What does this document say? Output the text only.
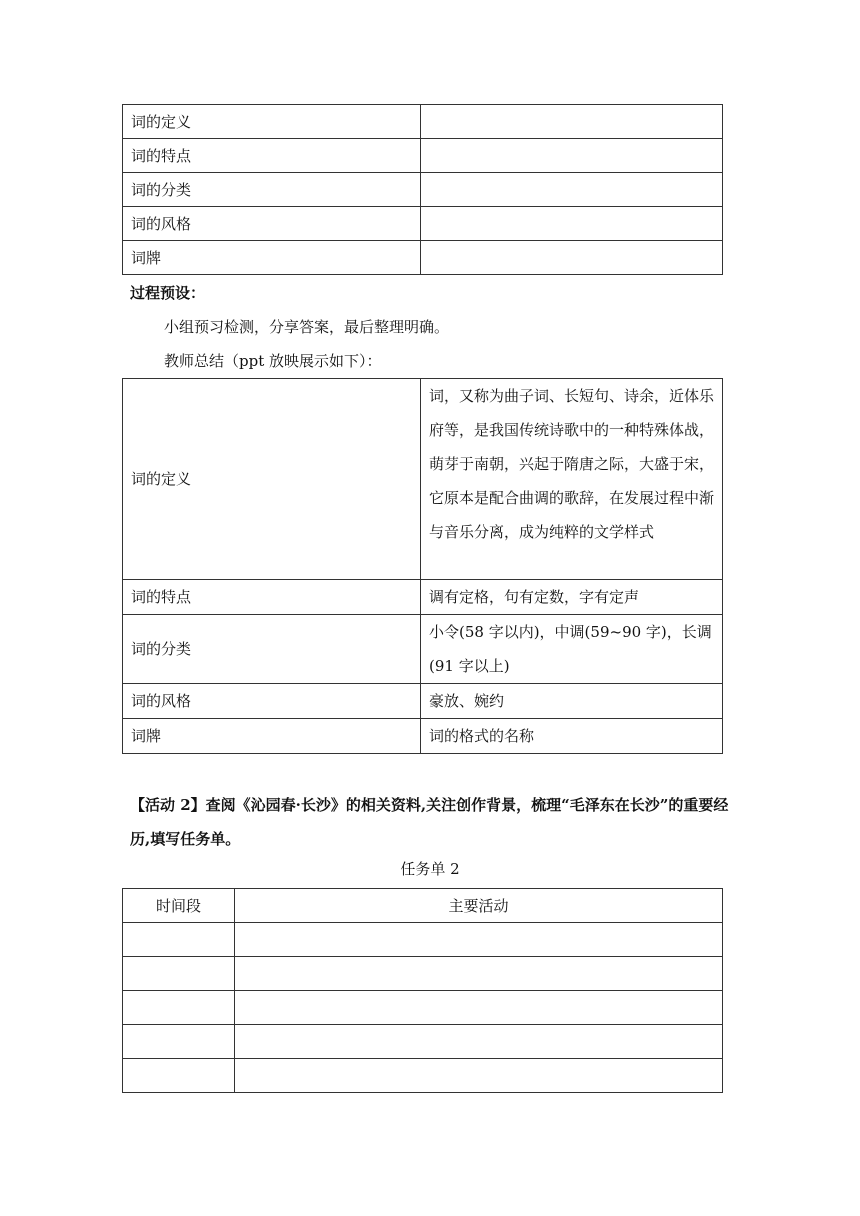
词的定义	
词的特点	
词的分类	
词的风格	
词牌	
过程预设：
小组预习检测，分享答案，最后整理明确。
教师总结（ppt 放映展示如下）：
词的定义	词，又称为曲子词、长短句、诗余，近体乐府等，是我国传统诗歌中的一种特殊体战，萌芽于南朝，兴起于隋唐之际，大盛于宋，它原本是配合曲调的歌辞，在发展过程中渐与音乐分离，成为纯粹的文学样式
词的特点	调有定格，句有定数，字有定声
词的分类	小令(58 字以内)，中调(59~90 字)，长调(91 字以上)
词的风格	豪放、婉约
词牌	词的格式的名称
【活动 2】查阅《沁园春·长沙》的相关资料,关注创作背景，梳理“毛泽东在长沙”的重要经历,填写任务单。
任务单 2
时间段	主要活动
